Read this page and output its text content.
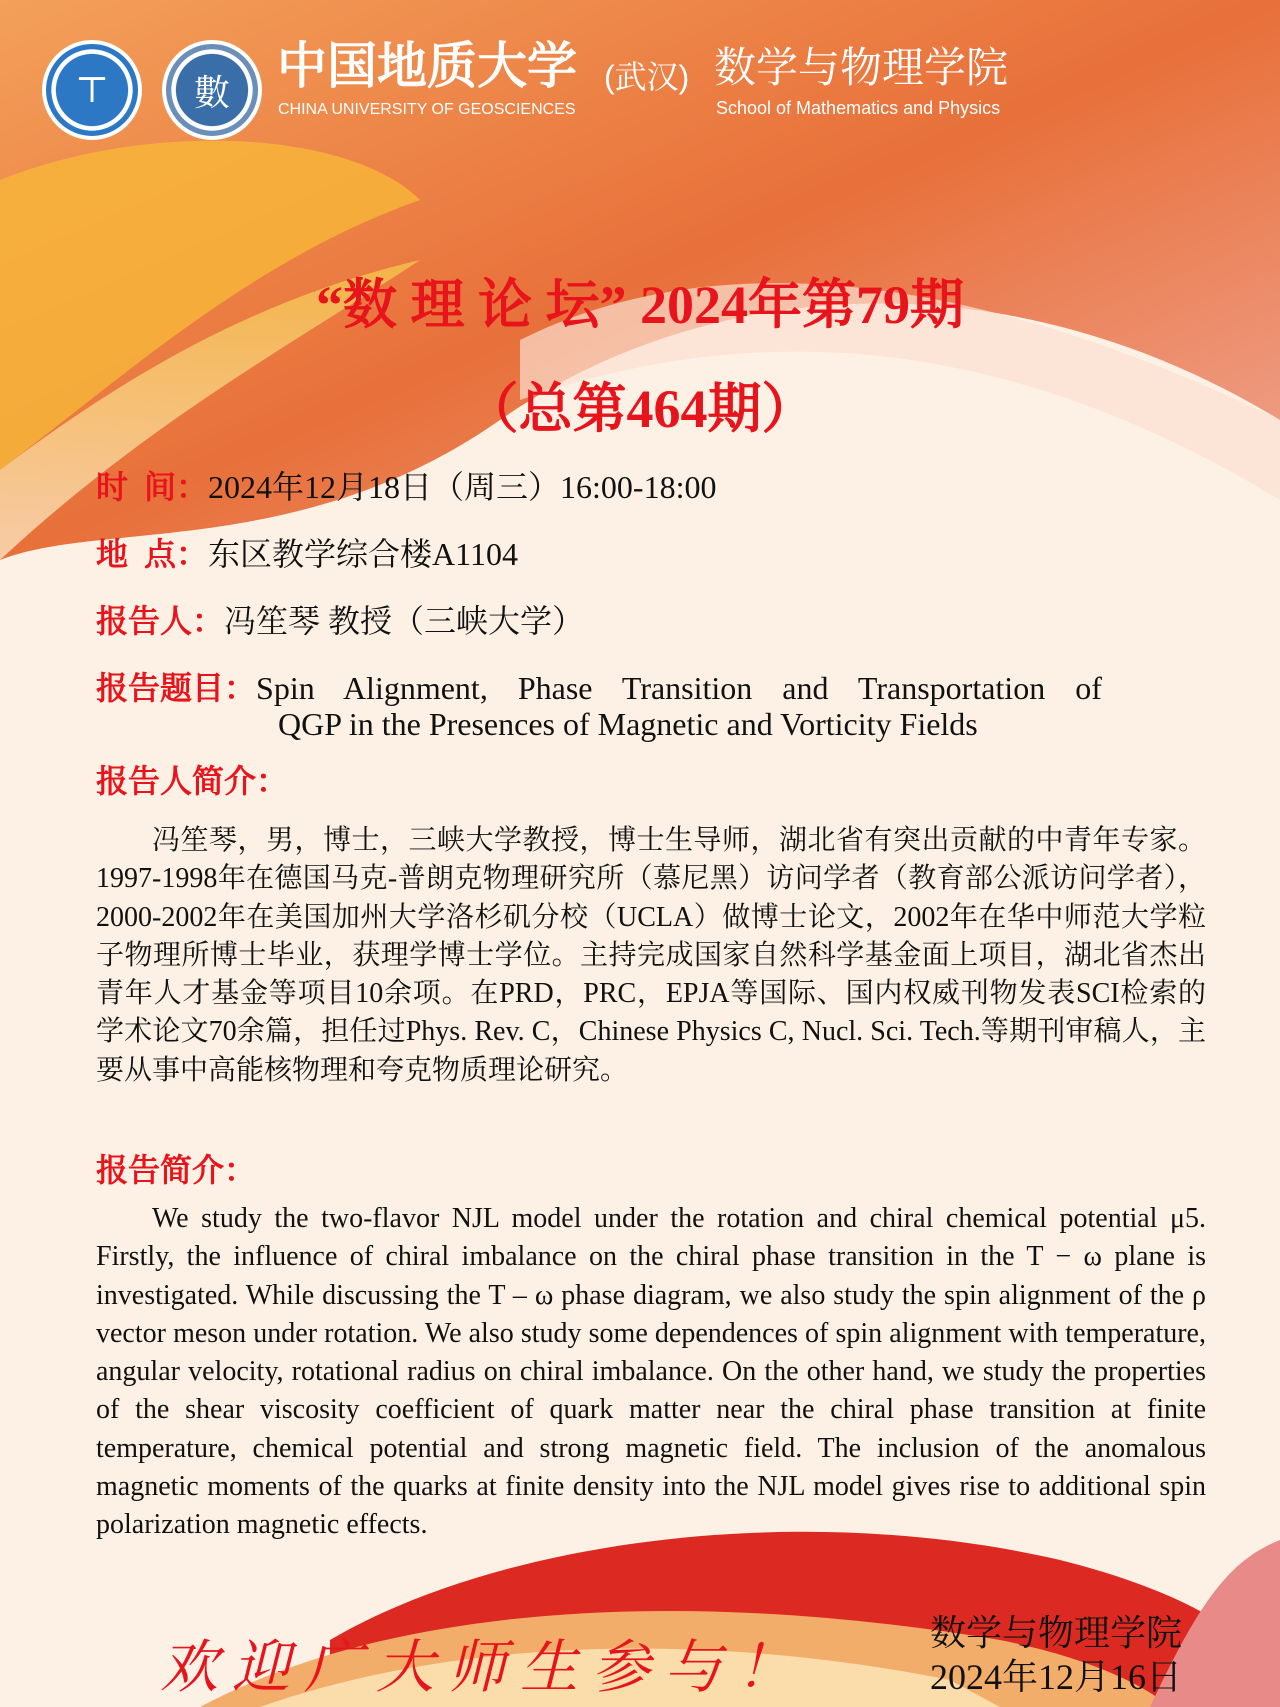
⊤	數 中国地质大学
CHINA UNIVERSITY OF GEOSCIENCES
(武汉) 数学与物理学院
School of Mathematics and Physics
“数 理 论 坛” 2024年第79期
（总第464期）
时  间：2024年12月18日（周三）16:00-18:00
地  点：东区教学综合楼A1104
报告人：冯笙琴 教授（三峡大学）
报告题目：Spin Alignment, Phase Transition and Transportation of
QGP in the Presences of Magnetic and Vorticity Fields
报告人简介：
冯笙琴，男，博士，三峡大学教授，博士生导师，湖北省有突出贡献的中青年专家。 1997-1998年在德国马克-普朗克物理研究所（慕尼黑）访问学者（教育部公派访问学者），2000-2002年在美国加州大学洛杉矶分校（UCLA）做博士论文，2002年在华中师范大学粒子物理所博士毕业，获理学博士学位。主持完成国家自然科学基金面上项目，湖北省杰出青年人才基金等项目10余项。在PRD，PRC，EPJA等国际、国内权威刊物发表SCI检索的学术论文70余篇，担任过Phys. Rev. C，Chinese Physics C, Nucl. Sci. Tech.等期刊审稿人，主要从事中高能核物理和夸克物质理论研究。
报告简介：
We study the two-flavor NJL model under the rotation and chiral chemical potential μ5. Firstly, the influence of chiral imbalance on the chiral phase transition in the T − ω plane is investigated. While discussing the T – ω phase diagram, we also study the spin alignment of the ρ vector meson under rotation. We also study some dependences of spin alignment with temperature, angular velocity, rotational radius on chiral imbalance. On the other hand, we study the properties of the shear viscosity coefficient of quark matter near the chiral phase transition at finite temperature, chemical potential and strong magnetic field. The inclusion of the anomalous magnetic moments of the quarks at finite density into the NJL model gives rise to additional spin polarization magnetic effects.
欢迎广大师生参与！	数学与物理学院
2024年12月16日
